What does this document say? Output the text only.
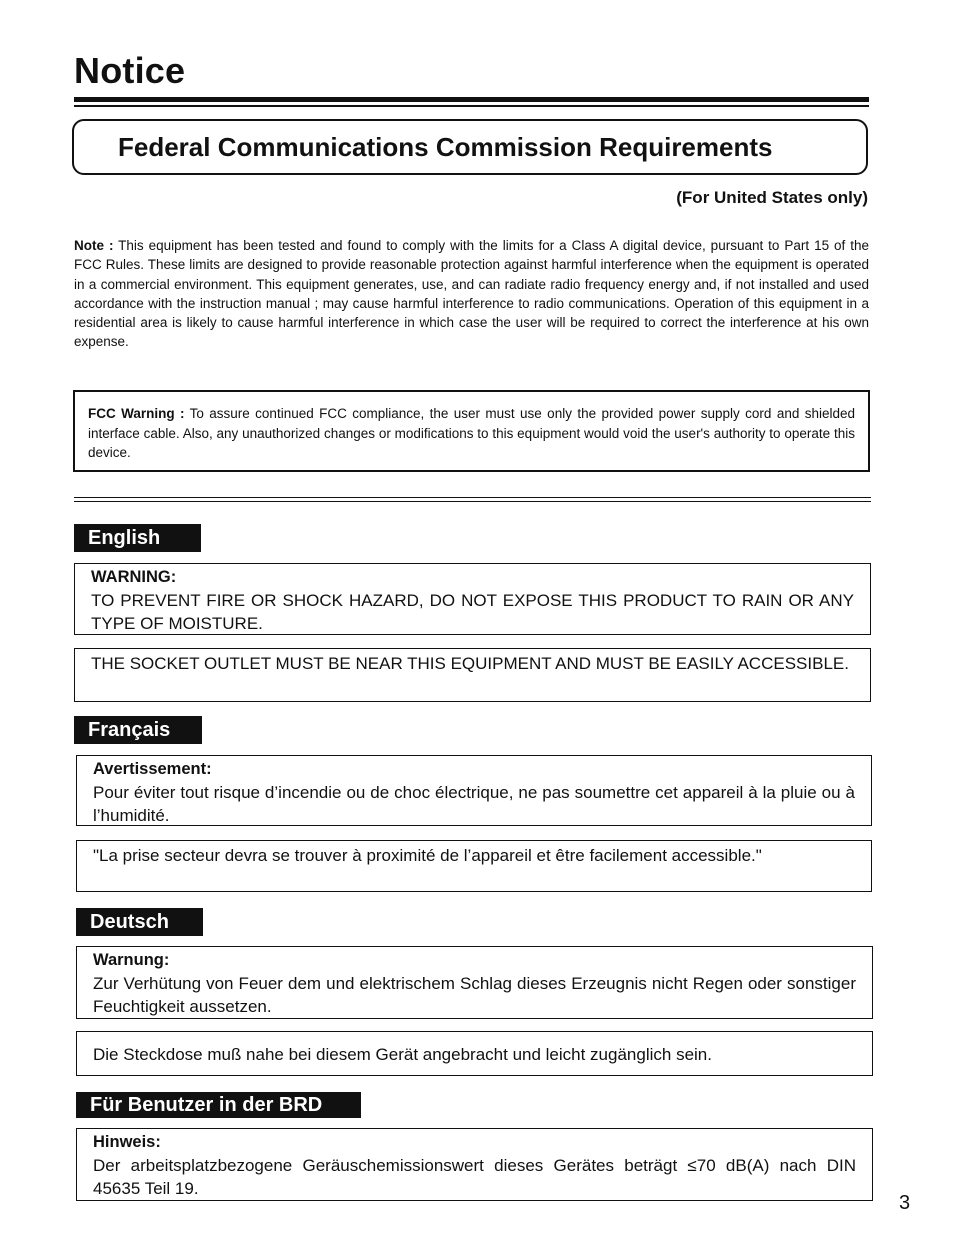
Notice
Federal Communications Commission Requirements
(For United States only)

Note : This equipment has been tested and found to comply with the limits for a Class A digital device, pursuant to Part 15 of the FCC Rules. These limits are designed to provide reasonable protection against harmful interference when the equipment is operated in a commercial environment. This equipment generates, use, and can radiate radio frequency energy and, if not installed and used accordance with the instruction manual ; may cause harmful interference to radio communications. Operation of this equipment in a residential area is likely to cause harmful interference in which case the user will be required to correct the interference at his own expense.

FCC Warning : To assure continued FCC compliance, the user must use only the provided power supply cord and shielded interface cable. Also, any unauthorized changes or modifications to this equipment would void the user's authority to operate this device.
English
WARNING:
TO PREVENT FIRE OR SHOCK HAZARD, DO NOT EXPOSE THIS PRODUCT TO RAIN OR ANY TYPE OF MOISTURE.
THE SOCKET OUTLET MUST BE NEAR THIS EQUIPMENT AND MUST BE EASILY ACCESSIBLE.
Français
Avertissement:
Pour éviter tout risque d’incendie ou de choc électrique, ne pas soumettre cet appareil à la pluie ou à l’humidité.
"La prise secteur devra se trouver à proximité de l’appareil et être facilement accessible."
Deutsch
Warnung:
Zur Verhütung von Feuer dem und elektrischem Schlag dieses Erzeugnis nicht Regen oder sonstiger Feuchtigkeit aussetzen.
Die Steckdose muß nahe bei diesem Gerät angebracht und leicht zugänglich sein.
Für Benutzer in der BRD
Hinweis:
Der arbeitsplatzbezogene Geräuschemissionswert dieses Gerätes beträgt ≤70 dB(A) nach DIN 45635 Teil 19.
3
